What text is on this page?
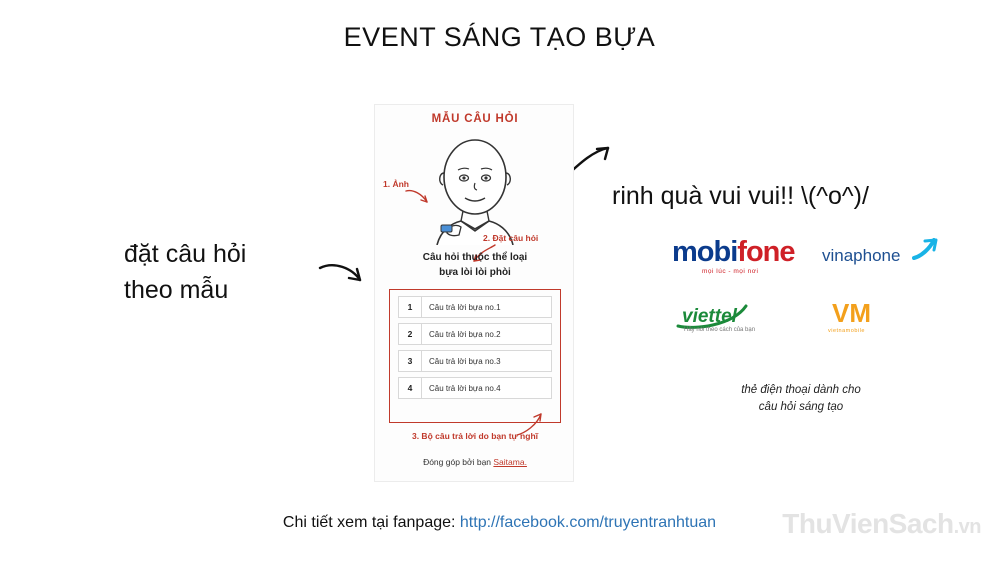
EVENT SÁNG TẠO BỰA
đặt câu hỏi
theo mẫu
MẪU CÂU HỎI
1. Ảnh
2. Đặt câu hỏi
Câu hỏi thuộc thể loại
bựa lòi lòi phòi
1	Câu trả lời bựa no.1
2	Câu trả lời bựa no.2
3	Câu trả lời bựa no.3
4	Câu trả lời bựa no.4
3. Bộ câu trả lời do bạn tự nghĩ
Đóng góp bởi bạn Saitama.
rinh quà vui vui!! \(^o^)/
mobifone
mọi lúc - mọi nơi
vinaphone
viettel
Hãy nói theo cách của bạn
VM
vietnamobile
thẻ điện thoại dành cho
câu hỏi sáng tạo
Chi tiết xem tại fanpage: http://facebook.com/truyentranhtuan	ThuVienSach.vn
